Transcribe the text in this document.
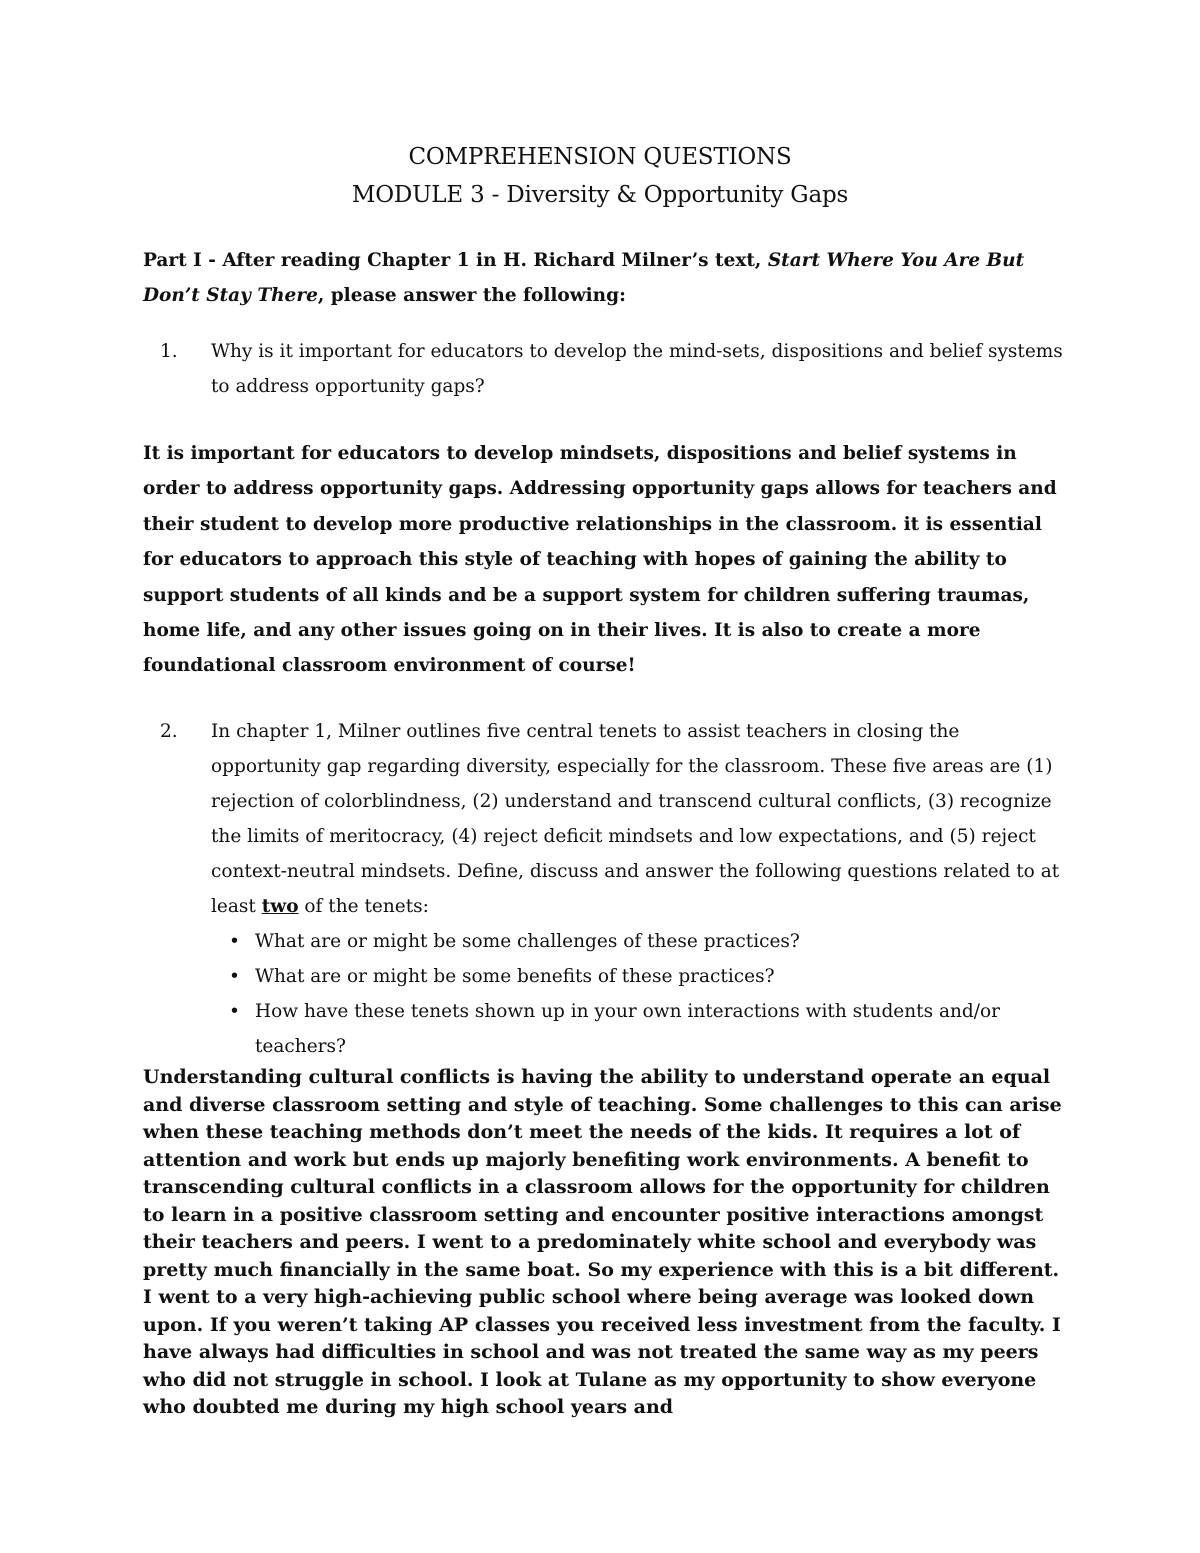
COMPREHENSION QUESTIONS
MODULE 3 - Diversity & Opportunity Gaps

Part I - After reading Chapter 1 in H. Richard Milner’s text, Start Where You Are But Don’t Stay There, please answer the following:

1. Why is it important for educators to develop the mind-sets, dispositions and belief systems to address opportunity gaps?

It is important for educators to develop mindsets, dispositions and belief systems in order to address opportunity gaps. Addressing opportunity gaps allows for teachers and their student to develop more productive relationships in the classroom. it is essential for educators to approach this style of teaching with hopes of gaining the ability to support students of all kinds and be a support system for children suffering traumas, home life, and any other issues going on in their lives. It is also to create a more foundational classroom environment of course!

2. In chapter 1, Milner outlines five central tenets to assist teachers in closing the opportunity gap regarding diversity, especially for the classroom. These five areas are (1) rejection of colorblindness, (2) understand and transcend cultural conflicts, (3) recognize the limits of meritocracy, (4) reject deficit mindsets and low expectations, and (5) reject context-neutral mindsets. Define, discuss and answer the following questions related to at least two of the tenets:
• What are or might be some challenges of these practices?
• What are or might be some benefits of these practices?
• How have these tenets shown up in your own interactions with students and/or teachers?

Understanding cultural conflicts is having the ability to understand operate an equal and diverse classroom setting and style of teaching. Some challenges to this can arise when these teaching methods don’t meet the needs of the kids. It requires a lot of attention and work but ends up majorly benefiting work environments. A benefit to transcending cultural conflicts in a classroom allows for the opportunity for children to learn in a positive classroom setting and encounter positive interactions amongst their teachers and peers. I went to a predominately white school and everybody was pretty much financially in the same boat. So my experience with this is a bit different. I went to a very high-achieving public school where being average was looked down upon. If you weren’t taking AP classes you received less investment from the faculty. I have always had difficulties in school and was not treated the same way as my peers who did not struggle in school. I look at Tulane as my opportunity to show everyone who doubted me during my high school years and
